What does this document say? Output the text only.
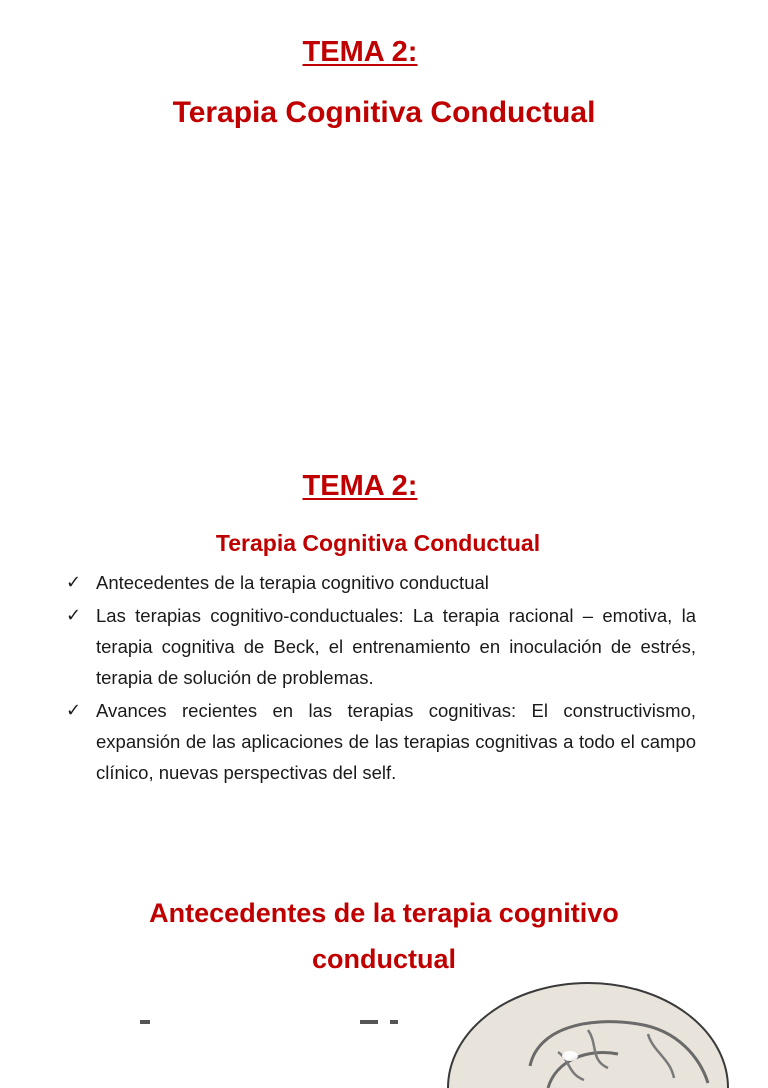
TEMA 2:
Terapia Cognitiva Conductual
TEMA 2:
Terapia Cognitiva Conductual
✓ Antecedentes de la terapia cognitivo conductual
✓ Las terapias cognitivo-conductuales: La terapia racional – emotiva, la terapia cognitiva de Beck, el entrenamiento en inoculación de estrés, terapia de solución de problemas.
✓ Avances recientes en las terapias cognitivas: El constructivismo, expansión de las aplicaciones de las terapias cognitivas a todo el campo clínico, nuevas perspectivas del self.
Antecedentes de la terapia cognitivo conductual
